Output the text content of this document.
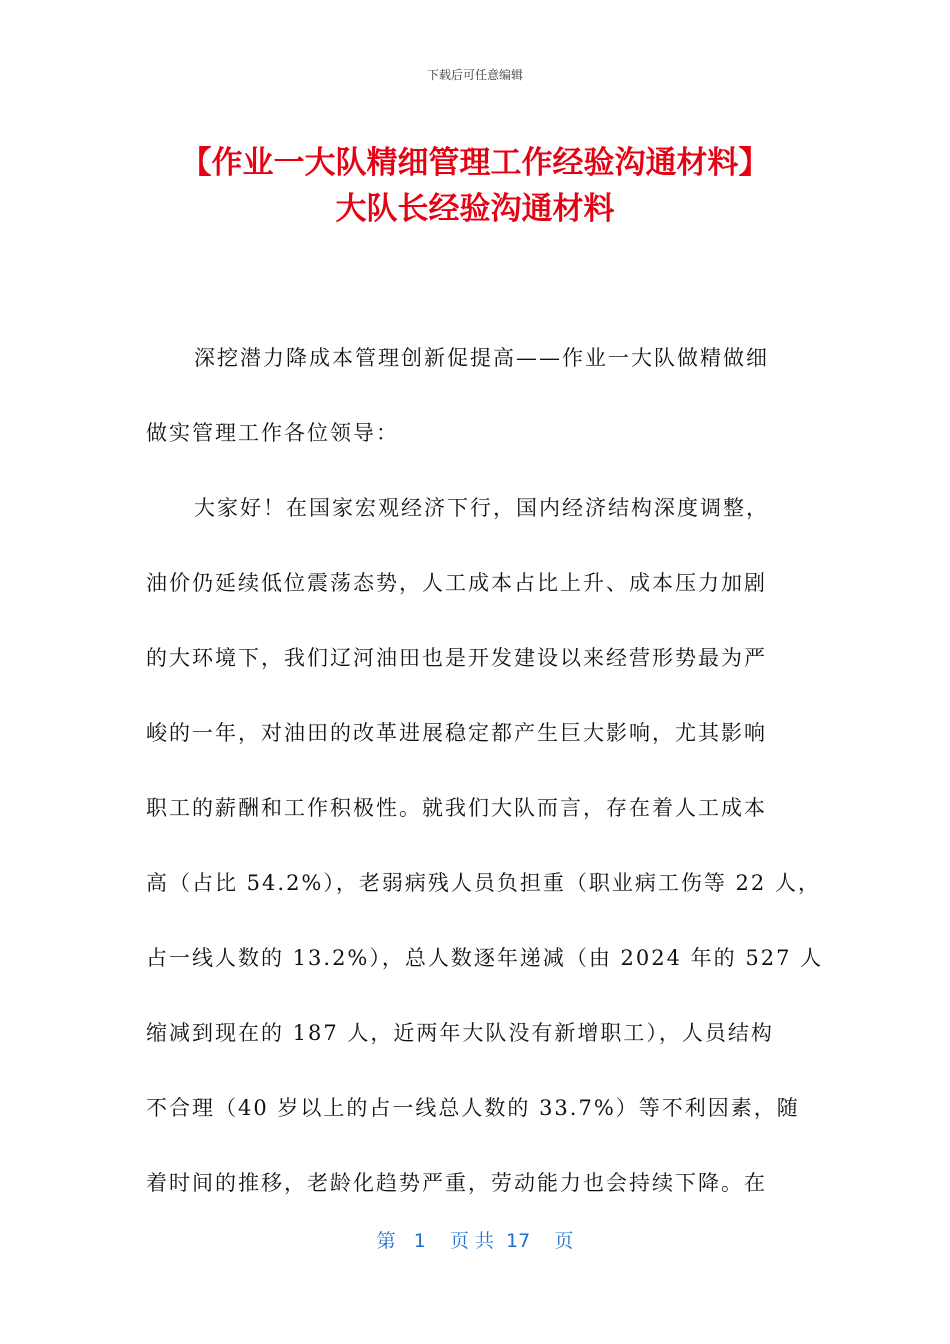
下载后可任意编辑
【作业一大队精细管理工作经验沟通材料】
大队长经验沟通材料
深挖潜力降成本管理创新促提高——作业一大队做精做细
做实管理工作各位领导：
大家好！在国家宏观经济下行，国内经济结构深度调整，
油价仍延续低位震荡态势，人工成本占比上升、成本压力加剧
的大环境下，我们辽河油田也是开发建设以来经营形势最为严
峻的一年，对油田的改革进展稳定都产生巨大影响，尤其影响
职工的薪酬和工作积极性。就我们大队而言，存在着人工成本
高（占比 54.2%），老弱病残人员负担重（职业病工伤等 22 人，
占一线人数的 13.2%），总人数逐年递减（由 2024 年的 527 人
缩减到现在的 187 人，近两年大队没有新增职工），人员结构
不合理（40 岁以上的占一线总人数的 33.7%）等不利因素，随
着时间的推移，老龄化趋势严重，劳动能力也会持续下降。在
第   1    页 共  17    页
